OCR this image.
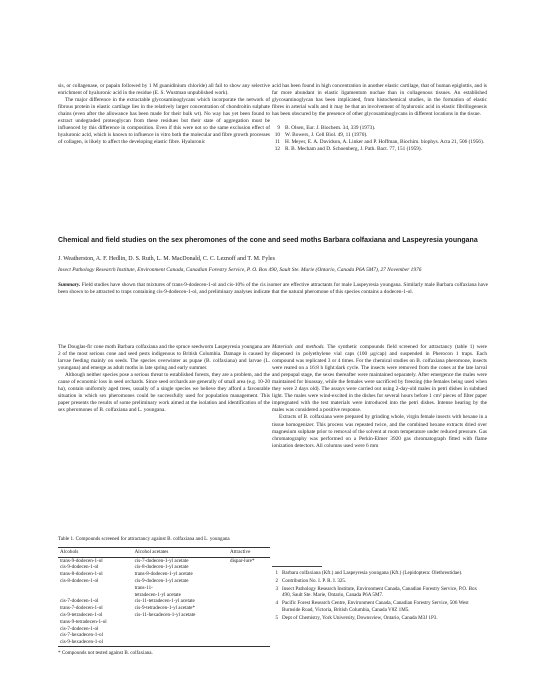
sis, or collagenase, or papain followed by 1 M guanidinium chloride) all fail to show any selective enrichment of hyaluronic acid in the residue (E. S. Wustman unpublished work).

The major difference in the extractable glycosaminoglycans which incorporate the network of fibrous protein in elastic cartilage lies in the relatively larger concentration of chondroitin sulphate chains (even after the allowance has been made for their bulk wt). No way has yet been found to extract undegraded proteoglycan from these residues but their state of aggregation must be influenced by this difference in composition. Even if this were not so the same exclusion effect of hyaluronic acid, which is known to influence in vitro both the molecular and fibre growth processes of collagen, is likely to affect the developing elastic fibre. Hyaluronic

acid has been found in high concentration in another elastic cartilage, that of human epiglottis, and is far more abundant in elastic ligamentum nuchae than in collagenous tissues. An established glycosaminoglycan has been implicated, from histochemical studies, in the formation of elastic fibres in arterial walls and it may be that an involvement of hyaluronic acid in elastic fibrillogenesis has been obscured by the presence of other glycosaminoglycans in different locations in the tissue.

9 B. Olsen, Eur. J. Biochem. 34, 339 (1973).
10 W. Bowers, J. Cell Biol. 49, 11 (1970).
11 H. Meyer, E. A. Davidson, A. Linker and P. Hoffman, Biochim. biophys. Acta 21, 506 (1956).
12 R. B. Mecham and D. Schoenberg, J. Path. Bact. 77, 151 (1959).
Chemical and field studies on the sex pheromones of the cone and seed moths Barbara colfaxiana and Laspeyresia youngana
J. Weatherston, A. F. Hedlin, D. S. Ruth, L. M. MacDonald, C. C. Leznoff and T. M. Fyles
Insect Pathology Research Institute, Environment Canada, Canadian Forestry Service, P. O. Box 490, Sault Ste. Marie (Ontario, Canada P6A 5M7), 27 November 1976

Summary. Field studies have shown that mixtures of trans-9-dodecen-1-ol and cis-10% of the cis isomer are effective attractants for male Laspeyresia youngana. Similarly male Barbara colfaxiana have been shown to be attracted to traps containing cis-9-dodecen-1-ol, and preliminary analyses indicate that the natural pheromone of this species contains a dodecen-1-ol.

The Douglas-fir cone moth Barbara colfaxiana and the spruce seedworm Laspeyresia youngana are 2 of the most serious cone and seed pests indigenous to British Columbia. Damage is caused by larvae feeding mainly on seeds. The species overwinter as pupae (B. colfaxiana) and larvae (L. youngana) and emerge as adult moths in late spring and early summer.

Although neither species pose a serious threat to established forests, they are a problem, and the cause of economic loss in seed orchards. Since seed orchards are generally of small area (e.g. 10-20 ha), contain uniformly aged trees, usually of a single species we believe they afford a favourable situation in which sex pheromones could be successfully used for population management. This paper presents the results of some preliminary work aimed at the isolation and identification of the sex pheromones of B. colfaxiana and L. youngana.

Materials and methods. The synthetic compounds field screened for attractancy (table 1) were dispensed in polyethylene vial caps (100 μg/cap) and suspended in Pherocon 1 traps. Each compound was replicated 3 or 4 times. For the chemical studies on B. colfaxiana pheromone, insects were reared on a 16:8 h light:dark cycle. The insects were removed from the cones at the late larval and prepupal stage, the sexes thereafter were maintained separately. After emergence the males were maintained for bioassay, while the females were sacrificed by freezing (the females being used when they were 2 days old). The assays were carried out using 2-day-old males in petri dishes in subdued light. The males were wind-excited in the dishes for several hours before 1 cm² pieces of filter paper impregnated with the test materials were introduced into the petri dishes. Intense hearing by the males was considered a positive response.

Extracts of B. colfaxiana were prepared by grinding whole, virgin female insects with hexane in a tissue homogenizer. This process was repeated twice, and the combined hexane extracts dried over magnesium sulphate prior to removal of the solvent at room temperature under reduced pressure. Gas chromatography was performed on a Perkin-Elmer 3920 gas chromatograph fitted with flame ionization detectors. All columns used were 6 mm

Table 1. Compounds screened for attractancy against B. colfaxiana and L. youngana

Alcohols	Alcohol acetates	Attractive
trans-9-dodecen-1-ol	cis-7-dodecen-1-yl acetate	dispar-lure*
cis-9-dodecen-1-ol	cis-8-dodecen-1-yl acetate	
trans-8-dodecen-1-ol	trans-8-dodecen-1-yl acetate	
cis-8-dodecen-1-ol	cis-9-dodecen-1-yl acetate	
	trans-11-	
	tetradecen-1-yl acetate	
cis-7-dodecen-1-ol	cis-11-tetradecen-1-yl acetate	
trans-7-dodecen-1-ol	cis-9-tetradecen-1-yl acetate*	
cis-9-tetradecen-1-ol	cis-11-hexadecen-1-yl acetate	
trans-9-tetradecen-1-ol		
cis-7-dodecen-1-ol		
cis-7-hexadecen-1-ol		
cis-9-hexadecen-1-ol		
* Compounds not tested against B. colfaxiana.
1 Barbara colfaxiana (Kft.) and Laspeyresia youngana (Kft.) (Lepidoptera: Olethreutidae).
2 Contribution No. I. P. R. I. 325.
3 Insect Pathology Research Institute, Environment Canada, Canadian Forestry Service, P.O. Box 490, Sault Ste. Marie, Ontario, Canada P6A 5M7.
4 Pacific Forest Research Centre, Environment Canada, Canadian Forestry Service, 506 West Burnside Road, Victoria, British Columbia, Canada V8Z 1M5.
5 Dept of Chemistry, York University, Downsview, Ontario, Canada M3J 1P3.
